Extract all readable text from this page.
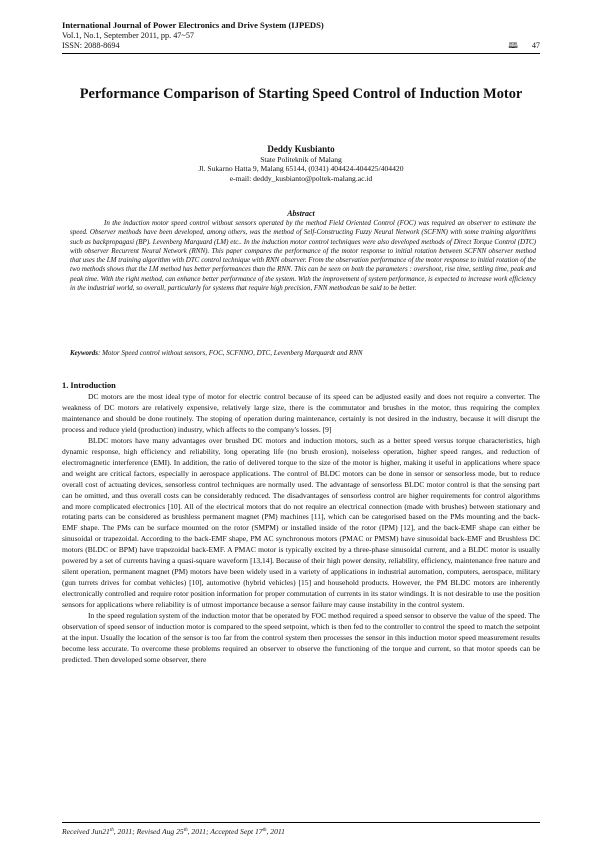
International Journal of Power Electronics and Drive System (IJPEDS)
Vol.1, No.1, September 2011, pp. 47~57
ISSN: 2088-8694	🕮 47
Performance Comparison of Starting Speed Control of Induction Motor
Deddy Kusbianto
State Politeknik of Malang
Jl. Sukarno Hatta 9, Malang 65144, (0341) 404424-404425/404420
e-mail: deddy_kusbianto@poltek-malang.ac.id
Abstract
In the induction motor speed control without sensors operated by the method Field Oriented Control (FOC) was required an observer to estimate the speed. Observer methods have been developed, among others, was the method of Self-Constructing Fuzzy Neural Network (SCFNN) with some training algorithms such as backpropagasi (BP). Levenberg Marquard (LM) etc.. In the induction motor control techniques were also developed methods of Direct Torque Control (DTC) with observer Recurrent Neural Network (RNN). This paper compares the performance of the motor response to initial rotation between SCFNN observer method that uses the LM training algorithm with DTC control technique with RNN observer. From the observation performance of the motor response to initial rotation of the two methods shows that the LM method has better performances than the RNN. This can be seen on both the parameters : overshoot, rise time, settling time, peak and peak time. With the right method, can enhance better performance of the system. With the improvement of system performance, is expected to increase work efficiency in the industrial world, so overall, particularly for systems that require high precision, FNN methodcan be said to be better.
Keywords: Motor Speed control without sensors, FOC, SCFNNO, DTC, Levenberg Marquardt and RNN
1. Introduction

DC motors are the most ideal type of motor for electric control because of its speed can be adjusted easily and does not require a converter. The weakness of DC motors are relatively expensive, relatively large size, there is the commutator and brushes in the motor, thus requiring the complex maintenance and should be done routinely. The stoping of operation during maintenance, certainly is not desired in the industry, because it will disrupt the process and reduce yield (production) industry, which affects to the company's losses. [9]

BLDC motors have many advantages over brushed DC motors and induction motors, such as a better speed versus torque characteristics, high dynamic response, high efficiency and reliability, long operating life (no brush erosion), noiseless operation, higher speed ranges, and reduction of electromagnetic interference (EMI). In addition, the ratio of delivered torque to the size of the motor is higher, making it useful in applications where space and weight are critical factors, especially in aerospace applications. The control of BLDC motors can be done in sensor or sensorless mode, but to reduce overall cost of actuating devices, sensorless control techniques are normally used. The advantage of sensorless BLDC motor control is that the sensing part can be omitted, and thus overall costs can be considerably reduced. The disadvantages of sensorless control are higher requirements for control algorithms and more complicated electronics [10]. All of the electrical motors that do not require an electrical connection (made with brushes) between stationary and rotating parts can be considered as brushless permanent magnet (PM) machines [11], which can be categorised based on the PMs mounting and the back-EMF shape. The PMs can be surface mounted on the rotor (SMPM) or installed inside of the rotor (IPM) [12], and the back-EMF shape can either be sinusoidal or trapezoidal. According to the back-EMF shape, PM AC synchronous motors (PMAC or PMSM) have sinusoidal back-EMF and Brushless DC motors (BLDC or BPM) have trapezoidal back-EMF. A PMAC motor is typically excited by a three-phase sinusoidal current, and a BLDC motor is usually powered by a set of currents having a quasi-square waveform [13,14]. Because of their high power density, reliability, efficiency, maintenance free nature and silent operation, permanent magnet (PM) motors have been widely used in a variety of applications in industrial automation, computers, aerospace, military (gun turrets drives for combat vehicles) [10], automotive (hybrid vehicles) [15] and household products. However, the PM BLDC motors are inherently electronically controlled and require rotor position information for proper commutation of currents in its stator windings. It is not desirable to use the position sensors for applications where reliability is of utmost importance because a sensor failure may cause instability in the control system.

In the speed regulation system of the induction motor that be operated by FOC method required a speed sensor to observe the value of the speed. The observation of speed sensor of induction motor is compared to the speed setpoint, which is then fed to the controller to control the speed to match the setpoint at the input. Usually the location of the sensor is too far from the control system then processes the sensor in this induction motor speed measurement results become less accurate. To overcome these problems required an observer to observe the functioning of the torque and current, so that motor speeds can be predicted. Then developed some observer, there

Received Jun21th, 2011; Revised Aug 25th, 2011; Accepted Sept 17th, 2011
